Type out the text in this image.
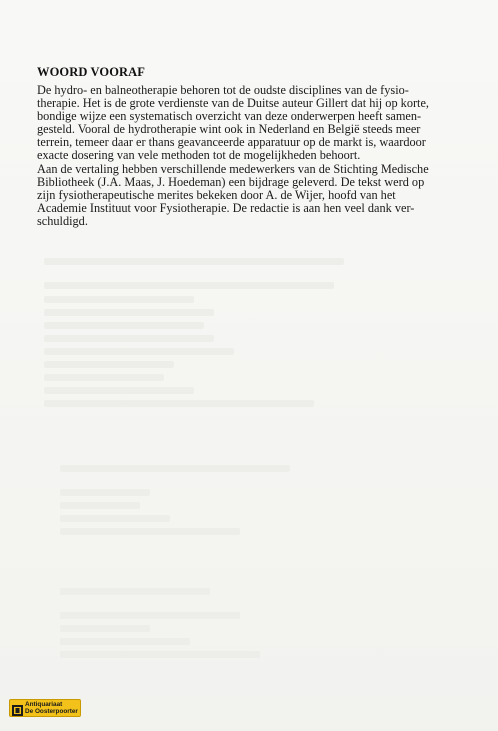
WOORD VOORAF
De hydro- en balneotherapie behoren tot de oudste disciplines van de fysio-
therapie. Het is de grote verdienste van de Duitse auteur Gillert dat hij op korte,
bondige wijze een systematisch overzicht van deze onderwerpen heeft samen-
gesteld. Vooral de hydrotherapie wint ook in Nederland en België steeds meer
terrein, temeer daar er thans geavanceerde apparatuur op de markt is, waardoor
exacte dosering van vele methoden tot de mogelijkheden behoort.
Aan de vertaling hebben verschillende medewerkers van de Stichting Medische
Bibliotheek (J.A. Maas, J. Hoedeman) een bijdrage geleverd. De tekst werd op
zijn fysiotherapeutische merites bekeken door A. de Wijer, hoofd van het
Academie Instituut voor Fysiotherapie. De redactie is aan hen veel dank ver-
schuldigd.
Antiquariaat
De Oosterpoorter
